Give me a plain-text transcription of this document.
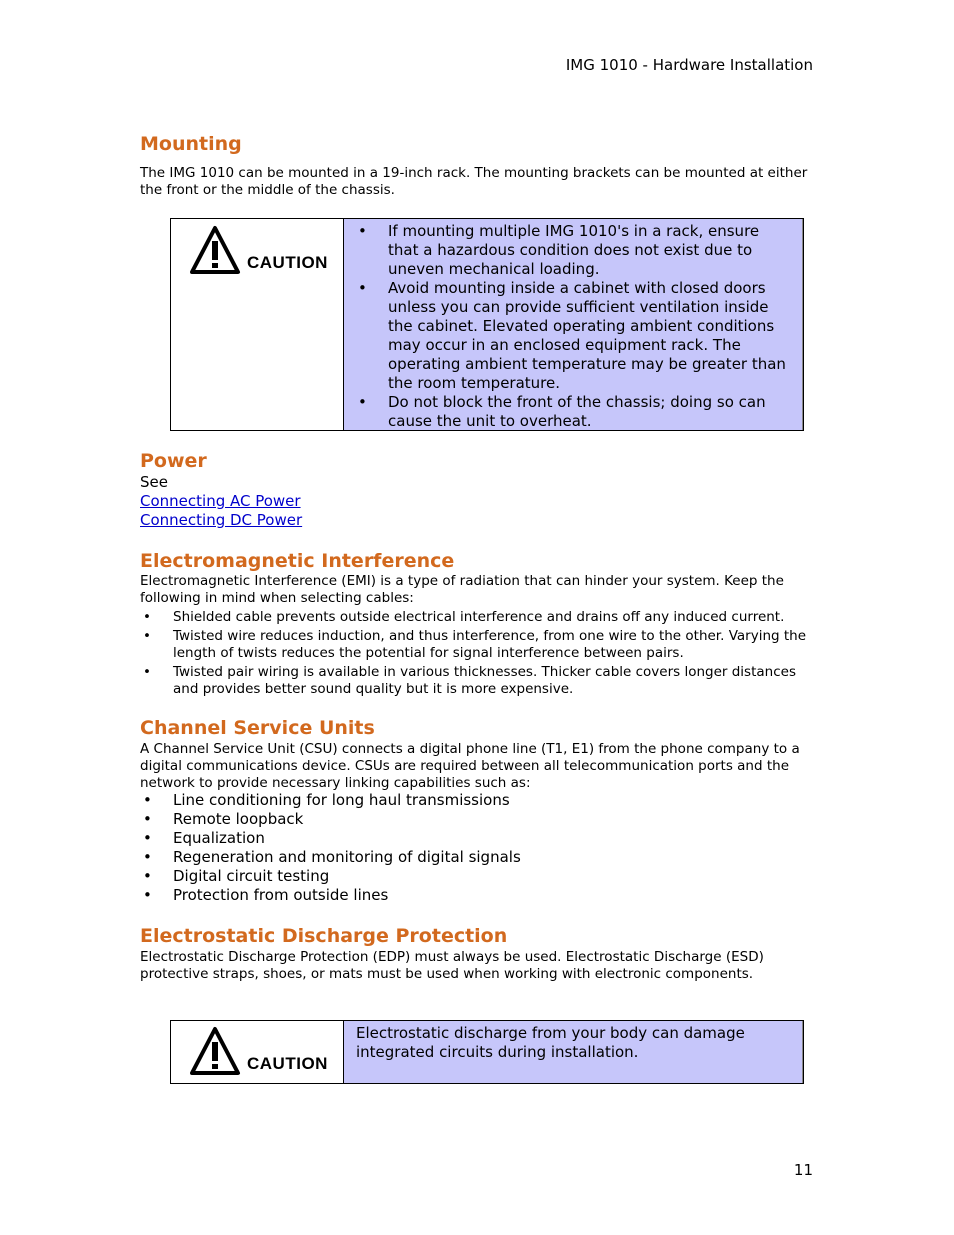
IMG 1010 - Hardware Installation
Mounting

The IMG 1010 can be mounted in a 19-inch rack. The mounting brackets can be mounted at either the front or the middle of the chassis.

CAUTION
• If mounting multiple IMG 1010's in a rack, ensure that a hazardous condition does not exist due to uneven mechanical loading.
• Avoid mounting inside a cabinet with closed doors unless you can provide sufficient ventilation inside the cabinet. Elevated operating ambient conditions may occur in an enclosed equipment rack. The operating ambient temperature may be greater than the room temperature.
• Do not block the front of the chassis; doing so can cause the unit to overheat.
Power
See
Connecting AC Power
Connecting DC Power
Electromagnetic Interference

Electromagnetic Interference (EMI) is a type of radiation that can hinder your system. Keep the following in mind when selecting cables:

• Shielded cable prevents outside electrical interference and drains off any induced current.
• Twisted wire reduces induction, and thus interference, from one wire to the other. Varying the length of twists reduces the potential for signal interference between pairs.
• Twisted pair wiring is available in various thicknesses. Thicker cable covers longer distances and provides better sound quality but it is more expensive.
Channel Service Units

A Channel Service Unit (CSU) connects a digital phone line (T1, E1) from the phone company to a digital communications device. CSUs are required between all telecommunication ports and the network to provide necessary linking capabilities such as:

• Line conditioning for long haul transmissions
• Remote loopback
• Equalization
• Regeneration and monitoring of digital signals
• Digital circuit testing
• Protection from outside lines
Electrostatic Discharge Protection

Electrostatic Discharge Protection (EDP) must always be used. Electrostatic Discharge (ESD) protective straps, shoes, or mats must be used when working with electronic components.

CAUTION
Electrostatic discharge from your body can damage integrated circuits during installation.
11
